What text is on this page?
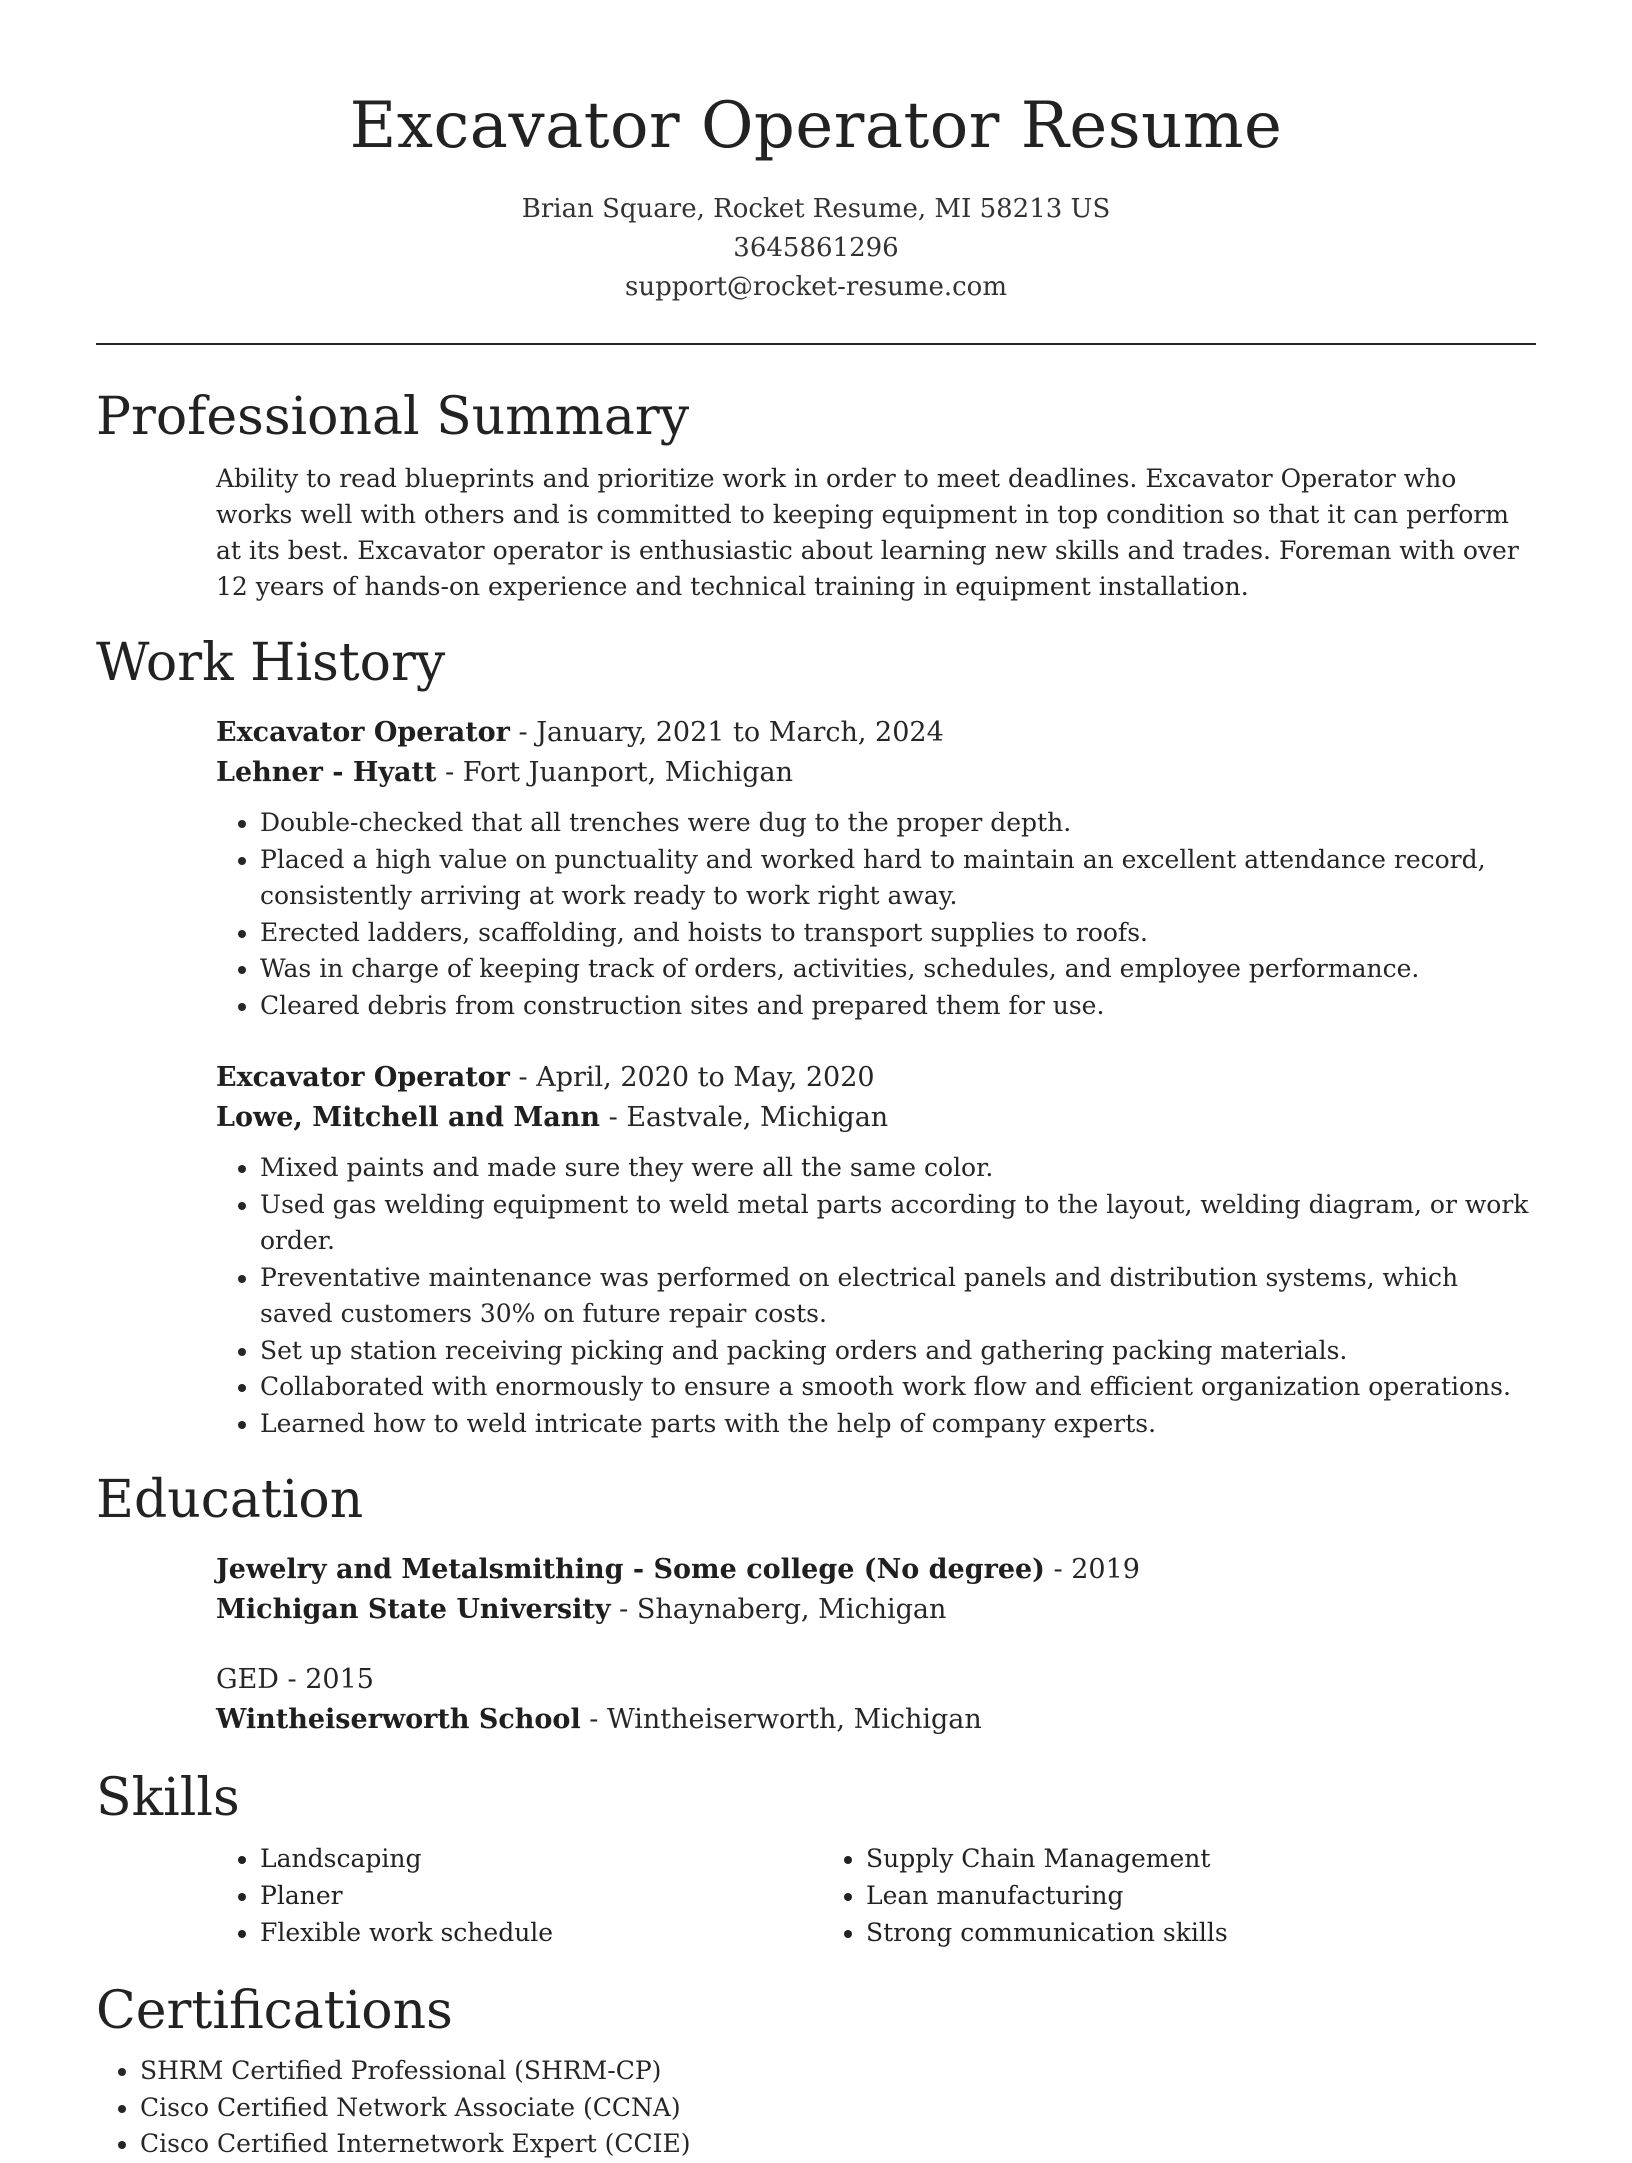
Excavator Operator Resume
Brian Square, Rocket Resume, MI 58213 US
3645861296
support@rocket-resume.com
Professional Summary

Ability to read blueprints and prioritize work in order to meet deadlines. Excavator Operator who works well with others and is committed to keeping equipment in top condition so that it can perform at its best. Excavator operator is enthusiastic about learning new skills and trades. Foreman with over 12 years of hands-on experience and technical training in equipment installation.

Work History
Excavator Operator - January, 2021 to March, 2024
Lehner - Hyatt - Fort Juanport, Michigan
• Double-checked that all trenches were dug to the proper depth.
• Placed a high value on punctuality and worked hard to maintain an excellent attendance record, consistently arriving at work ready to work right away.
• Erected ladders, scaffolding, and hoists to transport supplies to roofs.
• Was in charge of keeping track of orders, activities, schedules, and employee performance.
• Cleared debris from construction sites and prepared them for use.
Excavator Operator - April, 2020 to May, 2020
Lowe, Mitchell and Mann - Eastvale, Michigan
• Mixed paints and made sure they were all the same color.
• Used gas welding equipment to weld metal parts according to the layout, welding diagram, or work order.
• Preventative maintenance was performed on electrical panels and distribution systems, which saved customers 30% on future repair costs.
• Set up station receiving picking and packing orders and gathering packing materials.
• Collaborated with enormously to ensure a smooth work flow and efficient organization operations.
• Learned how to weld intricate parts with the help of company experts.
Education
Jewelry and Metalsmithing - Some college (No degree) - 2019
Michigan State University - Shaynaberg, Michigan
GED - 2015
Wintheiserworth School - Wintheiserworth, Michigan
Skills
• Landscaping
• Planer
• Flexible work schedule
• Supply Chain Management
• Lean manufacturing
• Strong communication skills
Certifications
• SHRM Certified Professional (SHRM-CP)
• Cisco Certified Network Associate (CCNA)
• Cisco Certified Internetwork Expert (CCIE)
